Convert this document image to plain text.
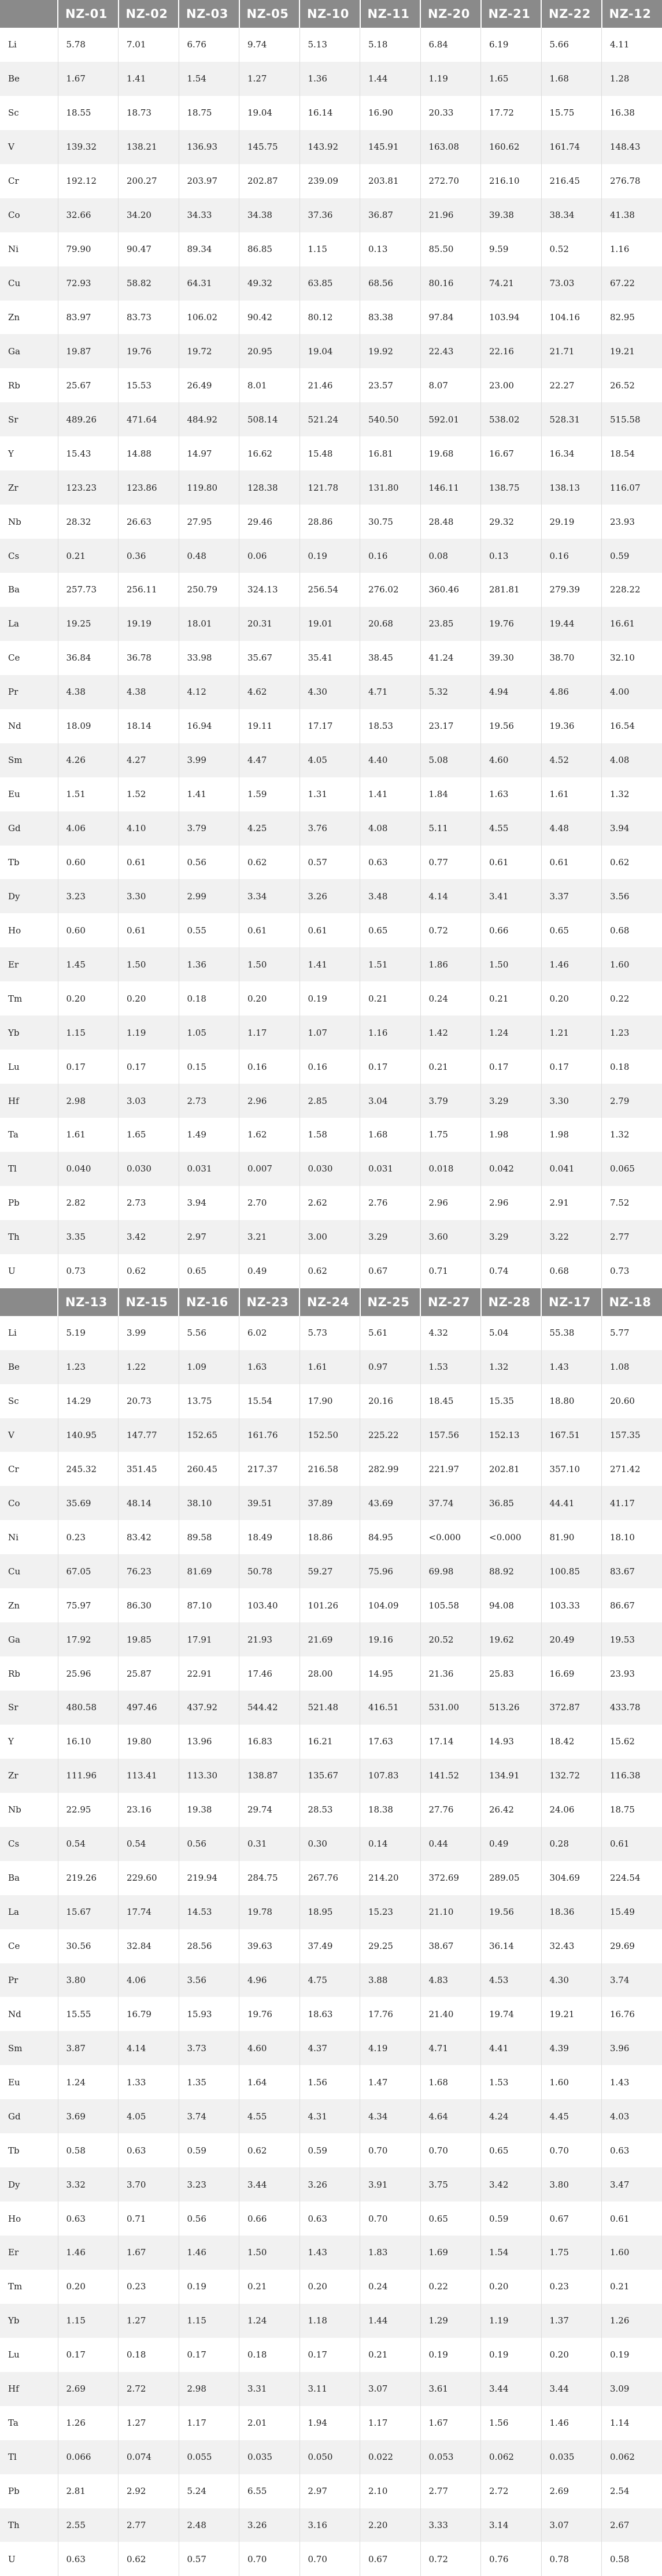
	NZ-01	NZ-02	NZ-03	NZ-05	NZ-10	NZ-11	NZ-20	NZ-21	NZ-22	NZ-12
Li	5.78	7.01	6.76	9.74	5.13	5.18	6.84	6.19	5.66	4.11
Be	1.67	1.41	1.54	1.27	1.36	1.44	1.19	1.65	1.68	1.28
Sc	18.55	18.73	18.75	19.04	16.14	16.90	20.33	17.72	15.75	16.38
V	139.32	138.21	136.93	145.75	143.92	145.91	163.08	160.62	161.74	148.43
Cr	192.12	200.27	203.97	202.87	239.09	203.81	272.70	216.10	216.45	276.78
Co	32.66	34.20	34.33	34.38	37.36	36.87	21.96	39.38	38.34	41.38
Ni	79.90	90.47	89.34	86.85	1.15	0.13	85.50	9.59	0.52	1.16
Cu	72.93	58.82	64.31	49.32	63.85	68.56	80.16	74.21	73.03	67.22
Zn	83.97	83.73	106.02	90.42	80.12	83.38	97.84	103.94	104.16	82.95
Ga	19.87	19.76	19.72	20.95	19.04	19.92	22.43	22.16	21.71	19.21
Rb	25.67	15.53	26.49	8.01	21.46	23.57	8.07	23.00	22.27	26.52
Sr	489.26	471.64	484.92	508.14	521.24	540.50	592.01	538.02	528.31	515.58
Y	15.43	14.88	14.97	16.62	15.48	16.81	19.68	16.67	16.34	18.54
Zr	123.23	123.86	119.80	128.38	121.78	131.80	146.11	138.75	138.13	116.07
Nb	28.32	26.63	27.95	29.46	28.86	30.75	28.48	29.32	29.19	23.93
Cs	0.21	0.36	0.48	0.06	0.19	0.16	0.08	0.13	0.16	0.59
Ba	257.73	256.11	250.79	324.13	256.54	276.02	360.46	281.81	279.39	228.22
La	19.25	19.19	18.01	20.31	19.01	20.68	23.85	19.76	19.44	16.61
Ce	36.84	36.78	33.98	35.67	35.41	38.45	41.24	39.30	38.70	32.10
Pr	4.38	4.38	4.12	4.62	4.30	4.71	5.32	4.94	4.86	4.00
Nd	18.09	18.14	16.94	19.11	17.17	18.53	23.17	19.56	19.36	16.54
Sm	4.26	4.27	3.99	4.47	4.05	4.40	5.08	4.60	4.52	4.08
Eu	1.51	1.52	1.41	1.59	1.31	1.41	1.84	1.63	1.61	1.32
Gd	4.06	4.10	3.79	4.25	3.76	4.08	5.11	4.55	4.48	3.94
Tb	0.60	0.61	0.56	0.62	0.57	0.63	0.77	0.61	0.61	0.62
Dy	3.23	3.30	2.99	3.34	3.26	3.48	4.14	3.41	3.37	3.56
Ho	0.60	0.61	0.55	0.61	0.61	0.65	0.72	0.66	0.65	0.68
Er	1.45	1.50	1.36	1.50	1.41	1.51	1.86	1.50	1.46	1.60
Tm	0.20	0.20	0.18	0.20	0.19	0.21	0.24	0.21	0.20	0.22
Yb	1.15	1.19	1.05	1.17	1.07	1.16	1.42	1.24	1.21	1.23
Lu	0.17	0.17	0.15	0.16	0.16	0.17	0.21	0.17	0.17	0.18
Hf	2.98	3.03	2.73	2.96	2.85	3.04	3.79	3.29	3.30	2.79
Ta	1.61	1.65	1.49	1.62	1.58	1.68	1.75	1.98	1.98	1.32
Tl	0.040	0.030	0.031	0.007	0.030	0.031	0.018	0.042	0.041	0.065
Pb	2.82	2.73	3.94	2.70	2.62	2.76	2.96	2.96	2.91	7.52
Th	3.35	3.42	2.97	3.21	3.00	3.29	3.60	3.29	3.22	2.77
U	0.73	0.62	0.65	0.49	0.62	0.67	0.71	0.74	0.68	0.73
	NZ-13	NZ-15	NZ-16	NZ-23	NZ-24	NZ-25	NZ-27	NZ-28	NZ-17	NZ-18
Li	5.19	3.99	5.56	6.02	5.73	5.61	4.32	5.04	55.38	5.77
Be	1.23	1.22	1.09	1.63	1.61	0.97	1.53	1.32	1.43	1.08
Sc	14.29	20.73	13.75	15.54	17.90	20.16	18.45	15.35	18.80	20.60
V	140.95	147.77	152.65	161.76	152.50	225.22	157.56	152.13	167.51	157.35
Cr	245.32	351.45	260.45	217.37	216.58	282.99	221.97	202.81	357.10	271.42
Co	35.69	48.14	38.10	39.51	37.89	43.69	37.74	36.85	44.41	41.17
Ni	0.23	83.42	89.58	18.49	18.86	84.95	<0.000	<0.000	81.90	18.10
Cu	67.05	76.23	81.69	50.78	59.27	75.96	69.98	88.92	100.85	83.67
Zn	75.97	86.30	87.10	103.40	101.26	104.09	105.58	94.08	103.33	86.67
Ga	17.92	19.85	17.91	21.93	21.69	19.16	20.52	19.62	20.49	19.53
Rb	25.96	25.87	22.91	17.46	28.00	14.95	21.36	25.83	16.69	23.93
Sr	480.58	497.46	437.92	544.42	521.48	416.51	531.00	513.26	372.87	433.78
Y	16.10	19.80	13.96	16.83	16.21	17.63	17.14	14.93	18.42	15.62
Zr	111.96	113.41	113.30	138.87	135.67	107.83	141.52	134.91	132.72	116.38
Nb	22.95	23.16	19.38	29.74	28.53	18.38	27.76	26.42	24.06	18.75
Cs	0.54	0.54	0.56	0.31	0.30	0.14	0.44	0.49	0.28	0.61
Ba	219.26	229.60	219.94	284.75	267.76	214.20	372.69	289.05	304.69	224.54
La	15.67	17.74	14.53	19.78	18.95	15.23	21.10	19.56	18.36	15.49
Ce	30.56	32.84	28.56	39.63	37.49	29.25	38.67	36.14	32.43	29.69
Pr	3.80	4.06	3.56	4.96	4.75	3.88	4.83	4.53	4.30	3.74
Nd	15.55	16.79	15.93	19.76	18.63	17.76	21.40	19.74	19.21	16.76
Sm	3.87	4.14	3.73	4.60	4.37	4.19	4.71	4.41	4.39	3.96
Eu	1.24	1.33	1.35	1.64	1.56	1.47	1.68	1.53	1.60	1.43
Gd	3.69	4.05	3.74	4.55	4.31	4.34	4.64	4.24	4.45	4.03
Tb	0.58	0.63	0.59	0.62	0.59	0.70	0.70	0.65	0.70	0.63
Dy	3.32	3.70	3.23	3.44	3.26	3.91	3.75	3.42	3.80	3.47
Ho	0.63	0.71	0.56	0.66	0.63	0.70	0.65	0.59	0.67	0.61
Er	1.46	1.67	1.46	1.50	1.43	1.83	1.69	1.54	1.75	1.60
Tm	0.20	0.23	0.19	0.21	0.20	0.24	0.22	0.20	0.23	0.21
Yb	1.15	1.27	1.15	1.24	1.18	1.44	1.29	1.19	1.37	1.26
Lu	0.17	0.18	0.17	0.18	0.17	0.21	0.19	0.19	0.20	0.19
Hf	2.69	2.72	2.98	3.31	3.11	3.07	3.61	3.44	3.44	3.09
Ta	1.26	1.27	1.17	2.01	1.94	1.17	1.67	1.56	1.46	1.14
Tl	0.066	0.074	0.055	0.035	0.050	0.022	0.053	0.062	0.035	0.062
Pb	2.81	2.92	5.24	6.55	2.97	2.10	2.77	2.72	2.69	2.54
Th	2.55	2.77	2.48	3.26	3.16	2.20	3.33	3.14	3.07	2.67
U	0.63	0.62	0.57	0.70	0.70	0.67	0.72	0.76	0.78	0.58
